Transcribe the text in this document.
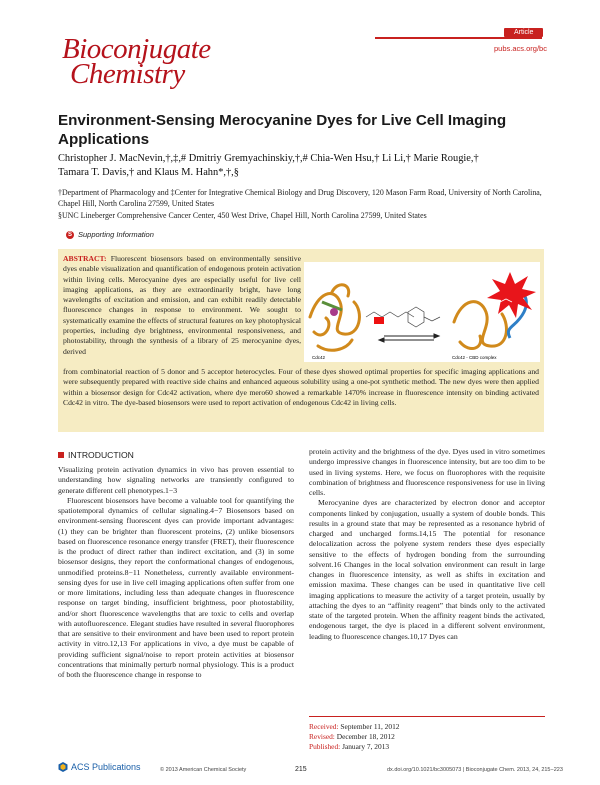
Bioconjugate
Chemistry
Article
pubs.acs.org/bc
Environment-Sensing Merocyanine Dyes for Live Cell Imaging Applications
Christopher J. MacNevin,†,‡,# Dmitriy Gremyachinskiy,†,# Chia-Wen Hsu,† Li Li,† Marie Rougie,†
Tamara T. Davis,† and Klaus M. Hahn*,†,§
†Department of Pharmacology and ‡Center for Integrative Chemical Biology and Drug Discovery, 120 Mason Farm Road, University of North Carolina, Chapel Hill, North Carolina 27599, United States
§UNC Lineberger Comprehensive Cancer Center, 450 West Drive, Chapel Hill, North Carolina 27599, United States
S Supporting Information
ABSTRACT: Fluorescent biosensors based on environmentally sensitive dyes enable visualization and quantification of endogenous protein activation within living cells. Merocyanine dyes are especially useful for live cell imaging applications, as they are extraordinarily bright, have long wavelengths of excitation and emission, and can exhibit readily detectable fluorescence changes in response to environment. We sought to systematically examine the effects of structural features on key photophysical properties, including dye brightness, environmental responsiveness, and photostability, through the synthesis of a library of 25 merocyanine dyes, derived
from combinatorial reaction of 5 donor and 5 acceptor heterocycles. Four of these dyes showed optimal properties for specific imaging applications and were subsequently prepared with reactive side chains and enhanced aqueous solubility using a one-pot synthetic method. The new dyes were then applied within a biosensor design for Cdc42 activation, where dye mero60 showed a remarkable 1470% increase in fluorescence intensity on binding activated Cdc42 in vitro. The dye-based biosensors were used to report activation of endogenous Cdc42 in living cells.
Cdc42	Cdc42 - CBD complex
INTRODUCTION

Visualizing protein activation dynamics in vivo has proven essential to understanding how signaling networks are transiently configured to generate different cell phenotypes.1−3

Fluorescent biosensors have become a valuable tool for quantifying the spatiotemporal dynamics of cellular signaling.4−7 Biosensors based on environment-sensing fluorescent dyes can provide important advantages: (1) they can be brighter than fluorescent proteins, (2) unlike biosensors based on fluorescence resonance energy transfer (FRET), their fluorescence is the product of direct rather than indirect excitation, and (3) in some biosensor designs, they report the conformational changes of endogenous, unmodified proteins.8−11 Nonetheless, currently available environment-sensing dyes for use in live cell imaging applications often suffer from one or more limitations, including less than adequate changes in fluorescence response on target binding, insufficient brightness, poor photostability, and/or short fluorescence wavelengths that are toxic to cells and overlap with autofluorescence. Elegant studies have resulted in several fluorophores that are sensitive to their environment and have been used to report protein activity in vitro.12,13 For applications in vivo, a dye must be capable of providing sufficient signal/noise to report protein activities at biosensor concentrations that minimally perturb normal physiology. This is a product of both the fluorescence change in response to

protein activity and the brightness of the dye. Dyes used in vitro sometimes undergo impressive changes in fluorescence intensity, but are too dim to be used in living systems. Here, we focus on fluorophores with the requisite combination of brightness and fluorescence responsiveness for use in living cells.

Merocyanine dyes are characterized by electron donor and acceptor components linked by conjugation, usually a system of double bonds. This results in a ground state that may be represented as a resonance hybrid of charged and uncharged forms.14,15 The potential for resonance delocalization across the polyene system renders these dyes especially sensitive to the effects of hydrogen bonding from the surrounding solvent.16 Changes in the local solvation environment can result in large changes in fluorescence intensity, as well as shifts in excitation and emission maxima. These changes can be used in quantitative live cell imaging applications to measure the activity of a target protein, usually by attaching the dyes to an “affinity reagent” that binds only to the activated state of the targeted protein. When the affinity reagent binds the activated, endogenous target, the dye is placed in a different solvent environment, leading to fluorescence changes.10,17 Dyes can

Received: September 11, 2012
Revised: December 18, 2012
Published: January 7, 2013
ACS Publications	© 2013 American Chemical Society	215	dx.doi.org/10.1021/bc3005073 | Bioconjugate Chem. 2013, 24, 215−223
